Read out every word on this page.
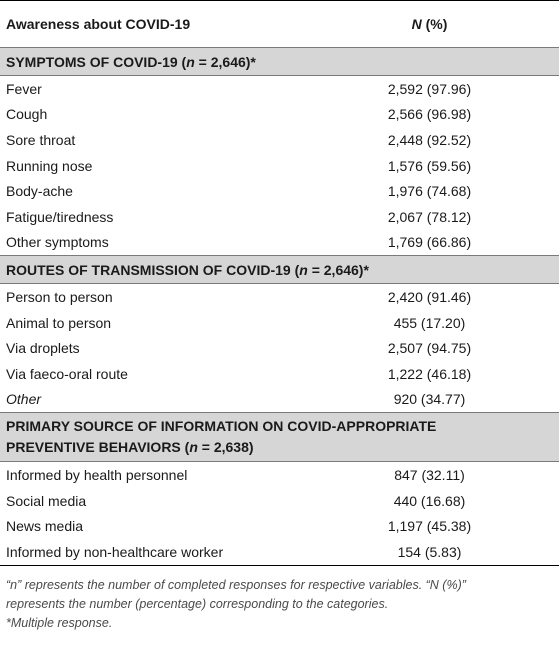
Awareness about COVID-19	N (%)
SYMPTOMS OF COVID-19 (n = 2,646)*	
Fever	2,592 (97.96)
Cough	2,566 (96.98)
Sore throat	2,448 (92.52)
Running nose	1,576 (59.56)
Body-ache	1,976 (74.68)
Fatigue/tiredness	2,067 (78.12)
Other symptoms	1,769 (66.86)
ROUTES OF TRANSMISSION OF COVID-19 (n = 2,646)*	
Person to person	2,420 (91.46)
Animal to person	455 (17.20)
Via droplets	2,507 (94.75)
Via faeco-oral route	1,222 (46.18)
Other	920 (34.77)
PRIMARY SOURCE OF INFORMATION ON COVID-APPROPRIATE
PREVENTIVE BEHAVIORS (n = 2,638)	
Informed by health personnel	847 (32.11)
Social media	440 (16.68)
News media	1,197 (45.38)
Informed by non-healthcare worker	154 (5.83)
“n” represents the number of completed responses for respective variables. “N (%)”
represents the number (percentage) corresponding to the categories.
*Multiple response.
